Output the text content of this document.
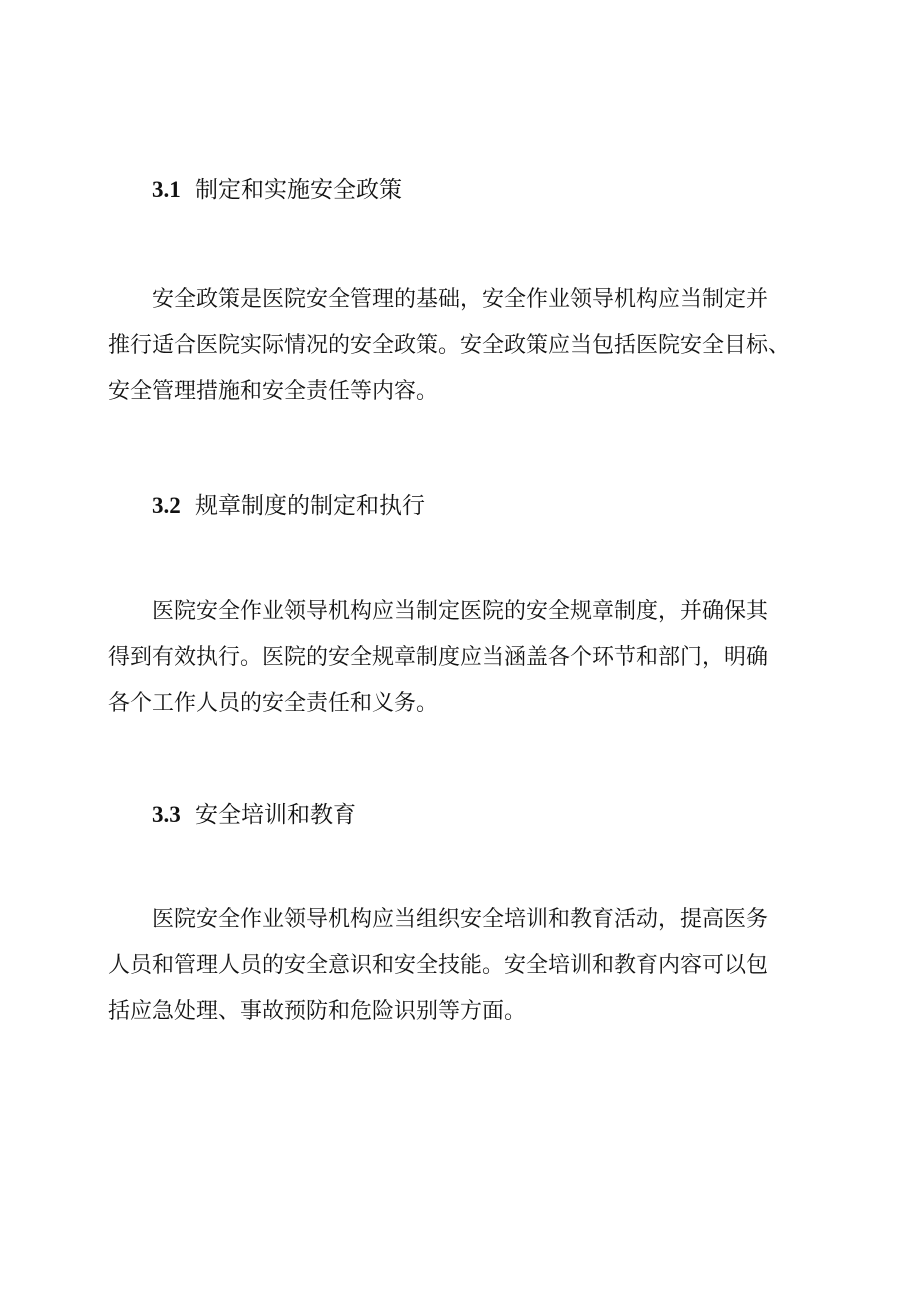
3.1 制定和实施安全政策
安全政策是医院安全管理的基础，安全作业领导机构应当制定并
推行适合医院实际情况的安全政策。安全政策应当包括医院安全目标、
安全管理措施和安全责任等内容。
3.2 规章制度的制定和执行
医院安全作业领导机构应当制定医院的安全规章制度，并确保其
得到有效执行。医院的安全规章制度应当涵盖各个环节和部门，明确
各个工作人员的安全责任和义务。
3.3 安全培训和教育
医院安全作业领导机构应当组织安全培训和教育活动，提高医务
人员和管理人员的安全意识和安全技能。安全培训和教育内容可以包
括应急处理、事故预防和危险识别等方面。
